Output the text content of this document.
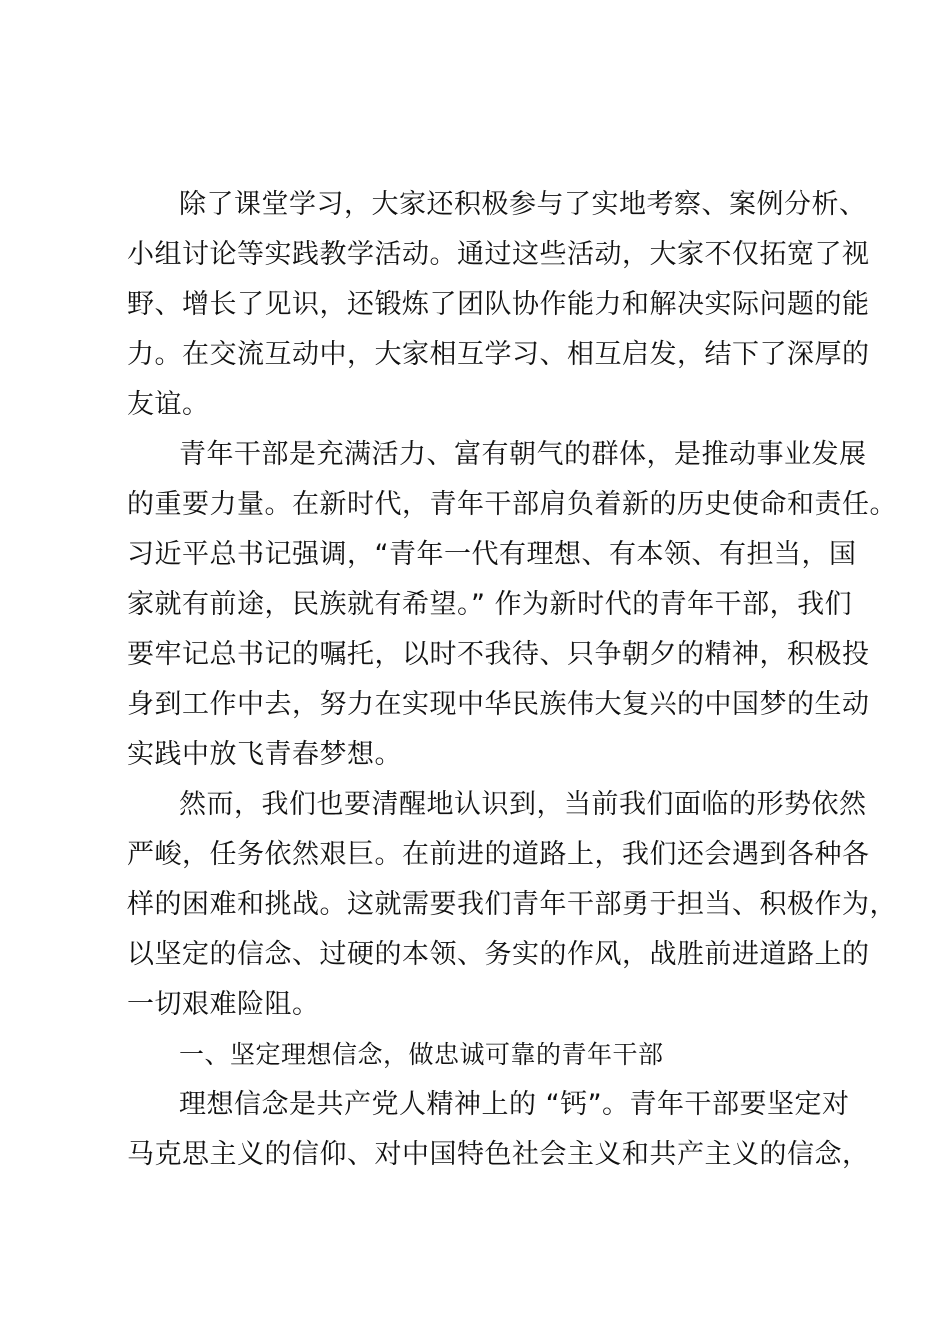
除了课堂学习，大家还积极参与了实地考察、案例分析、
小组讨论等实践教学活动。通过这些活动，大家不仅拓宽了视
野、增长了见识，还锻炼了团队协作能力和解决实际问题的能
力。在交流互动中，大家相互学习、相互启发，结下了深厚的
友谊。
青年干部是充满活力、富有朝气的群体，是推动事业发展
的重要力量。在新时代，青年干部肩负着新的历史使命和责任。
习近平总书记强调，“青年一代有理想、有本领、有担当，国
家就有前途，民族就有希望。” 作为新时代的青年干部，我们
要牢记总书记的嘱托，以时不我待、只争朝夕的精神，积极投
身到工作中去，努力在实现中华民族伟大复兴的中国梦的生动
实践中放飞青春梦想。
然而，我们也要清醒地认识到，当前我们面临的形势依然
严峻，任务依然艰巨。在前进的道路上，我们还会遇到各种各
样的困难和挑战。这就需要我们青年干部勇于担当、积极作为，
以坚定的信念、过硬的本领、务实的作风，战胜前进道路上的
一切艰难险阻。
一、坚定理想信念，做忠诚可靠的青年干部
理想信念是共产党人精神上的 “钙”。青年干部要坚定对
马克思主义的信仰、对中国特色社会主义和共产主义的信念，
